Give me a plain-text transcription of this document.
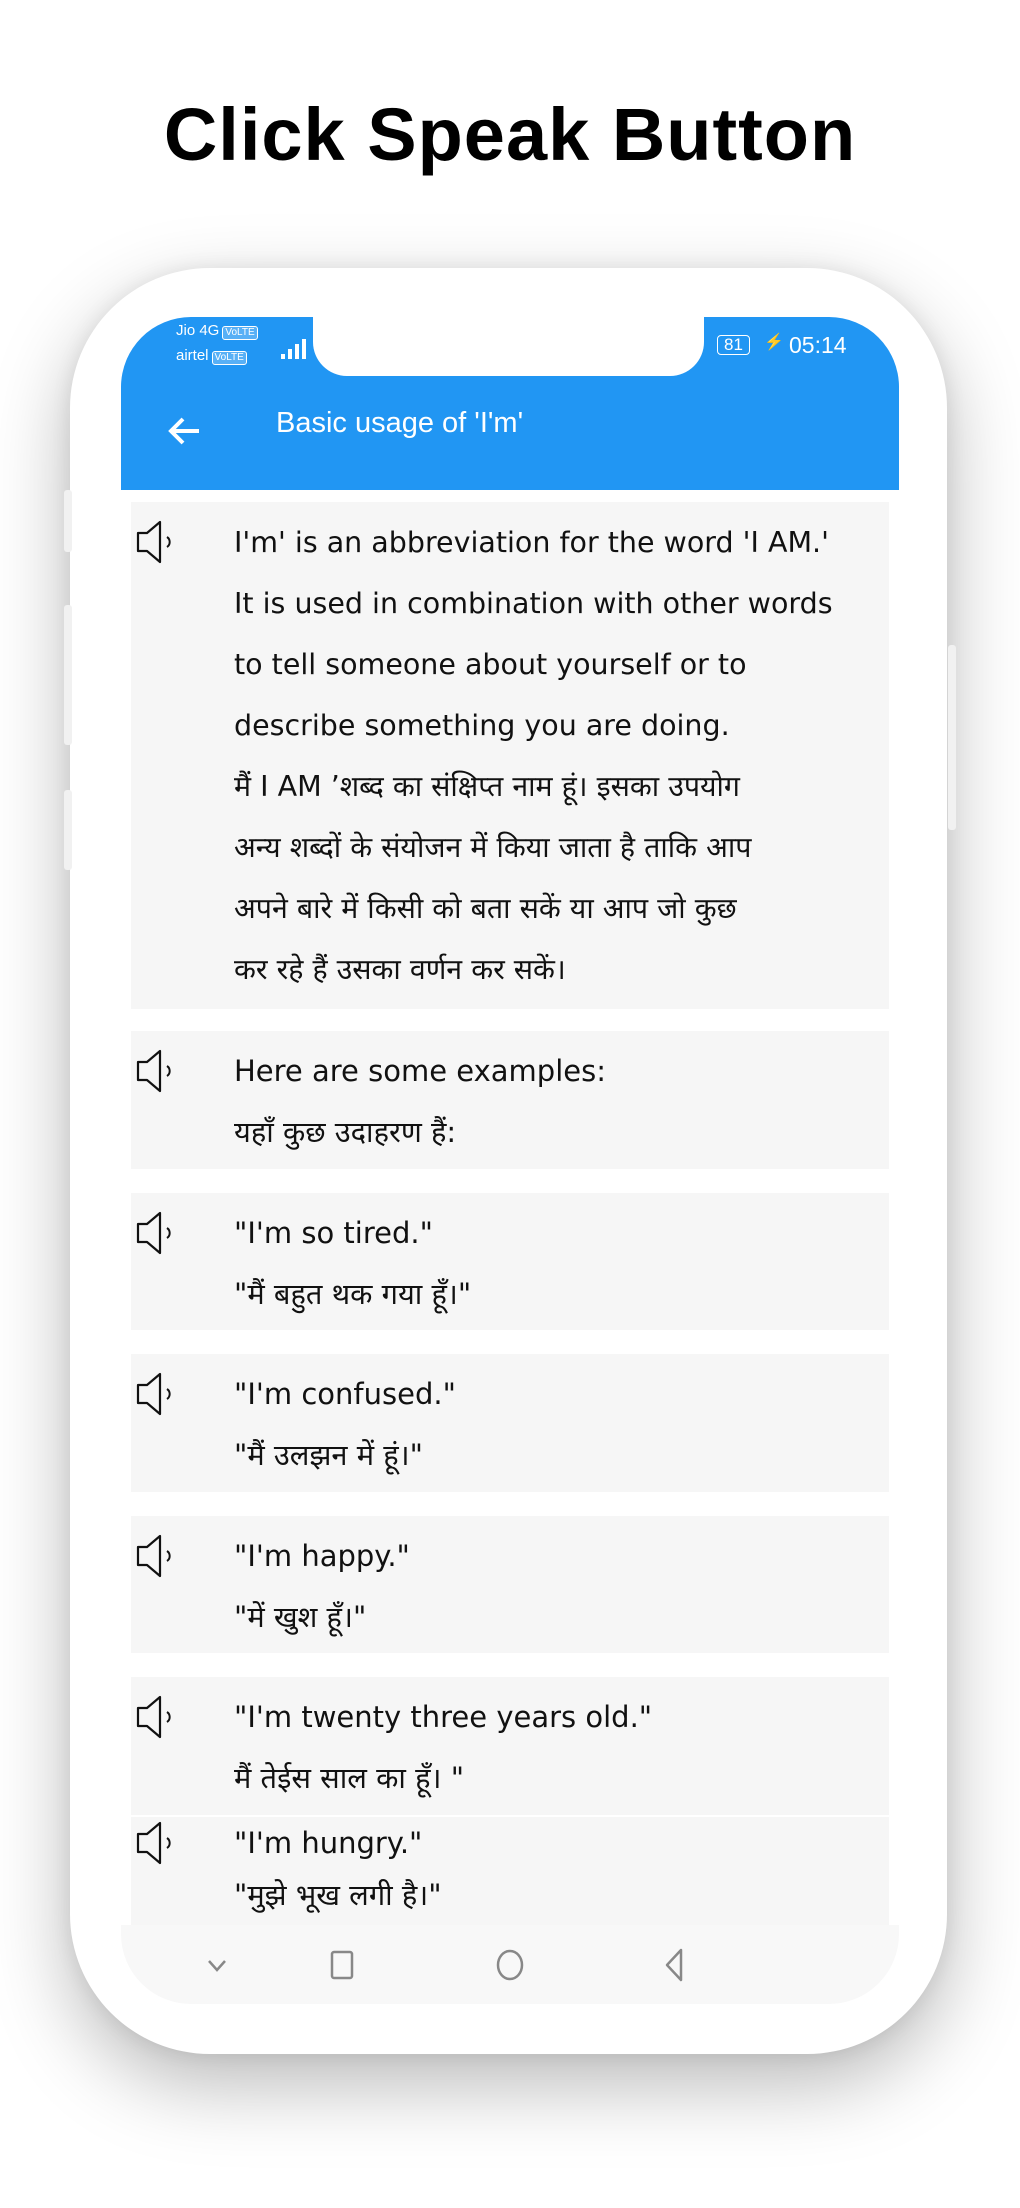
Click Speak Button
Jio 4G VoLTE
airtel VoLTE
81	⚡ 05:14
Basic usage of 'I'm'
I'm' is an abbreviation for the word 'I AM.'
It is used in combination with other words
to tell someone about yourself or to
describe something you are doing.
मैं I AM ’शब्द का संक्षिप्त नाम हूं। इसका उपयोग
अन्य शब्दों के संयोजन में किया जाता है ताकि आप
अपने बारे में किसी को बता सकें या आप जो कुछ
कर रहे हैं उसका वर्णन कर सकें।
Here are some examples:
यहाँ कुछ उदाहरण हैं:
"I'm so tired."
"मैं बहुत थक गया हूँ।"
"I'm confused."
"मैं उलझन में हूं।"
"I'm happy."
"में खुश हूँ।"
"I'm twenty three years old."
मैं तेईस साल का हूँ। "
"I'm hungry."
"मुझे भूख लगी है।"
